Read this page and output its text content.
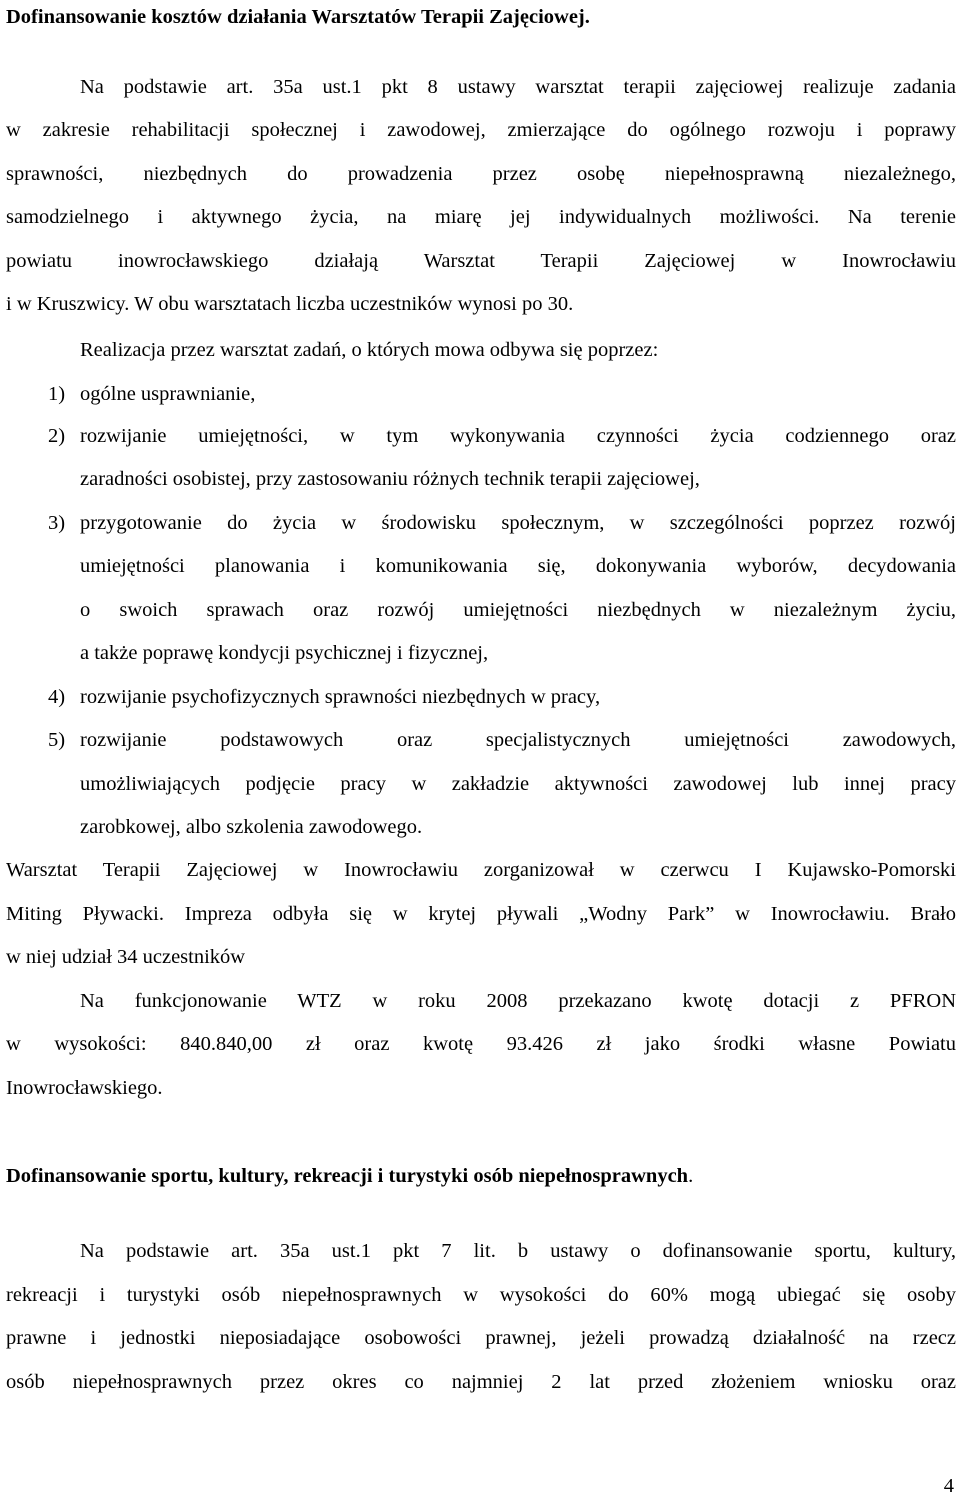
Dofinansowanie kosztów działania Warsztatów Terapii Zajęciowej.
Na podstawie art. 35a ust.1 pkt 8 ustawy warsztat terapii zajęciowej realizuje zadania
w zakresie rehabilitacji społecznej i zawodowej, zmierzające do ogólnego rozwoju i poprawy
sprawności, niezbędnych do prowadzenia przez osobę niepełnosprawną niezależnego,
samodzielnego i aktywnego życia, na miarę jej indywidualnych możliwości. Na terenie
powiatu inowrocławskiego działają Warsztat Terapii Zajęciowej w Inowrocławiu
i w Kruszwicy. W obu warsztatach liczba uczestników wynosi po 30.
Realizacja przez warsztat zadań, o których mowa odbywa się poprzez:
1) ogólne usprawnianie,
2) rozwijanie umiejętności, w tym wykonywania czynności życia codziennego oraz
zaradności osobistej, przy zastosowaniu różnych technik terapii zajęciowej,
3) przygotowanie do życia w środowisku społecznym, w szczególności poprzez rozwój
umiejętności planowania i komunikowania się, dokonywania wyborów, decydowania
o swoich sprawach oraz rozwój umiejętności niezbędnych w niezależnym życiu,
a także poprawę kondycji psychicznej i fizycznej,
4) rozwijanie psychofizycznych sprawności niezbędnych w pracy,
5) rozwijanie podstawowych oraz specjalistycznych umiejętności zawodowych,
umożliwiających podjęcie pracy w zakładzie aktywności zawodowej lub innej pracy
zarobkowej, albo szkolenia zawodowego.
Warsztat Terapii Zajęciowej w Inowrocławiu zorganizował w czerwcu I Kujawsko-Pomorski
Miting Pływacki. Impreza odbyła się w krytej pływali „Wodny Park” w Inowrocławiu. Brało
w niej udział 34 uczestników
Na funkcjonowanie WTZ w roku 2008 przekazano kwotę dotacji z PFRON
w wysokości: 840.840,00 zł oraz kwotę 93.426 zł jako środki własne Powiatu
Inowrocławskiego.
Dofinansowanie sportu, kultury, rekreacji i turystyki osób niepełnosprawnych.
Na podstawie art. 35a ust.1 pkt 7 lit. b ustawy o dofinansowanie sportu, kultury,
rekreacji i turystyki osób niepełnosprawnych w wysokości do 60% mogą ubiegać się osoby
prawne i jednostki nieposiadające osobowości prawnej, jeżeli prowadzą działalność na rzecz
osób niepełnosprawnych przez okres co najmniej 2 lat przed złożeniem wniosku oraz
4
